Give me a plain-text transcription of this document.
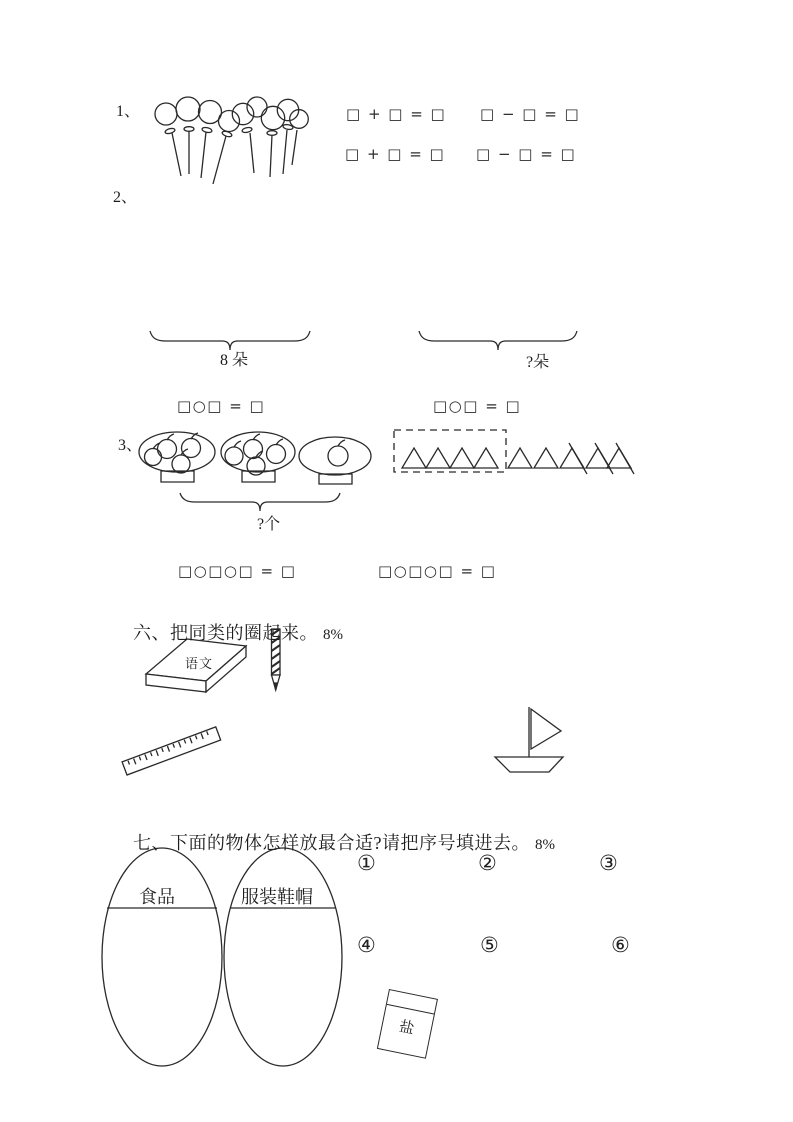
1、	□ + □ = □ □ − □ = □
□ + □ = □ □ − □ = □
2、
8 朵	?朵
□○□ = □	□○□ = □
3、
?个
□○□○□ = □	□○□○□ = □

六、把同类的圈起来。 8%

语文

七、下面的物体怎样放最合适?请把序号填进去。 8%

食品	服装鞋帽
①	②	③
④	⑤	⑥
盐
